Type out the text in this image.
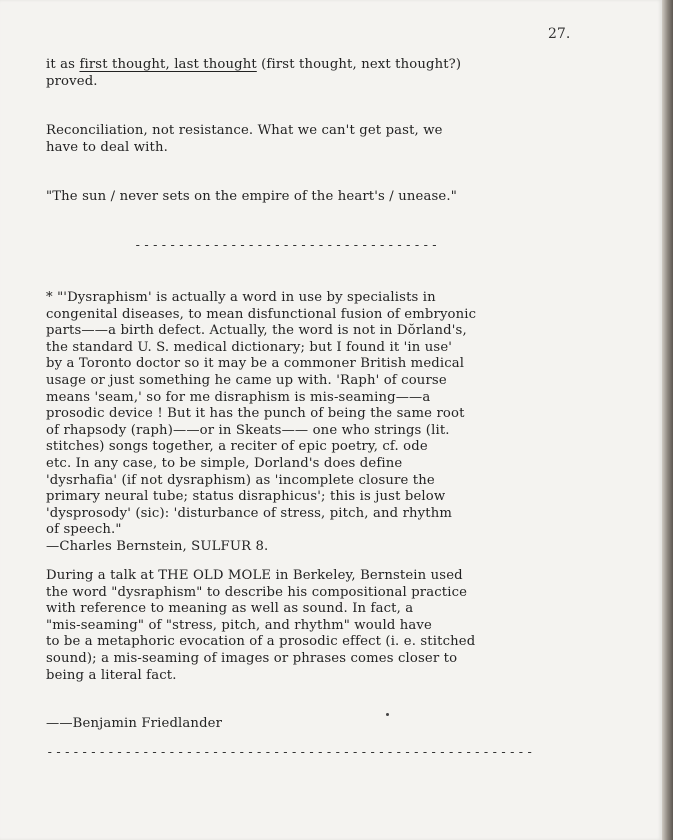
27.
it as first thought, last thought (first thought, next thought?)
proved.
Reconciliation, not resistance. What we can't get past, we
have to deal with.
"The sun / never sets on the empire of the heart's / unease."
-----------------------------------
* "'Dysraphism' is actually a word in use by specialists in
congenital diseases, to mean disfunctional fusion of embryonic
parts——a birth defect. Actually, the word is not in Dŏrland's,
the standard U. S. medical dictionary; but I found it 'in use'
by a Toronto doctor so it may be a commoner British medical
usage or just something he came up with. 'Raph' of course
means 'seam,' so for me disraphism is mis-seaming——a
prosodic device ! But it has the punch of being the same root
of rhapsody (raph)——or in Skeats—— one who strings (lit.
stitches) songs together, a reciter of epic poetry, cf. ode
etc. In any case, to be simple, Dorland's does define
'dysrhafia' (if not dysraphism) as 'incomplete closure the
primary neural tube; status disraphicus'; this is just below
'dysprosody' (sic): 'disturbance of stress, pitch, and rhythm
of speech."
—Charles Bernstein, SULFUR 8.
During a talk at THE OLD MOLE in Berkeley, Bernstein used
the word "dysraphism" to describe his compositional practice
with reference to meaning as well as sound. In fact, a
"mis-seaming" of "stress, pitch, and rhythm" would have
to be a metaphoric evocation of a prosodic effect (i. e. stitched
sound); a mis-seaming of images or phrases comes closer to
being a literal fact.
——Benjamin Friedlander
--------------------------------------------------------
